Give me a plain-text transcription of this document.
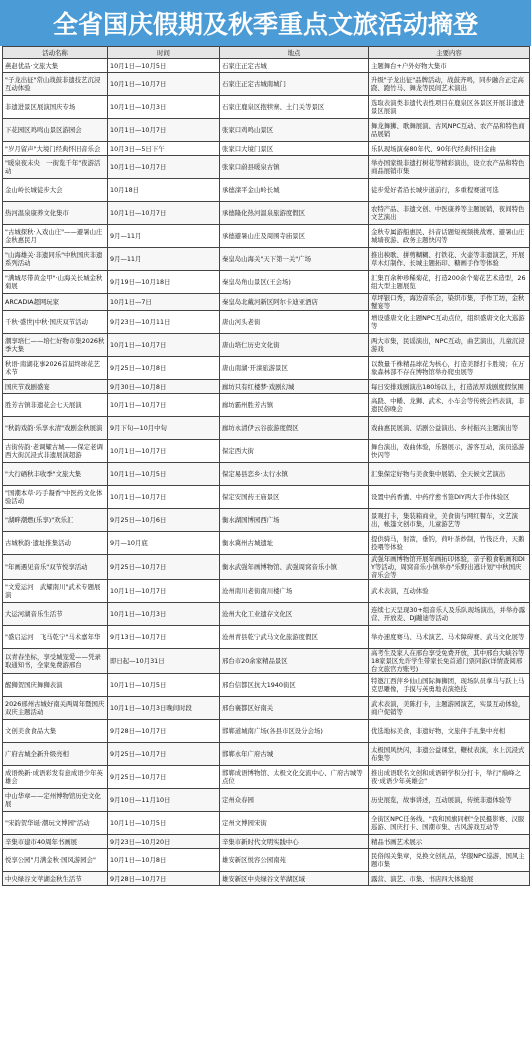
全省国庆假期及秋季重点文旅活动摘登
活动名称	时间	地点	主要内容
燕赵优品·文旅大集	10月1日—10月5日	石家庄正定古城	主题舞台+户外好物大集市
"子龙出征"常山战鼓非遗技艺沉浸互动体验	10月1日—10月7日	石家庄正定古城南城门	升级"子龙出征"品牌活动，战鼓齐鸣，同步融合正定高跷、跑竹马、舞龙等民间艺术演出
非遗进景区展演国庆专场	10月1日—10月3日	石家庄鹿泉区抱犊寨、土门关等景区	选取表演类非遗代表性项目在鹿泉区各景区开展非遗进景区展演
下花园区鸡鸣山景区游园会	10月1日—10月7日	张家口鸡鸣山景区	舞龙舞狮、歌舞展演、古风NPC互动、农产品和特色商品展销
"岁月留声"大境门经典怀旧音乐会	10月3日—5日下午	张家口大境门景区	乐队现场演奏80年代、90年代经典怀旧金曲
"暖泉夜未央　一街览千年"夜游活动	10月1日—10月7日	张家口蔚县暖泉古镇	举办国家级非遗打树花等精彩演出，设立农产品和特色商品展销市集
金山岭长城徒步大会	10月18日	承德滦平金山岭长城	徒步爱好者沿长城步道前行，多重程赛道可选
热河温泉康养文化集市	10月1日—10月7日	承德隆化热河温泉旅游度假区	农特产品、非遗文创、中医康养等主题展销，夜间特色文艺演出
"古城探秋·入戏山庄"——避暑山庄金秋惠民月	9月—11月	承德避暑山庄及周围寺庙景区	金秋专属游船惠民、抖音话题短视频挑战赛、避暑山庄城墙夜游、政务主题快闪等
"山海雄关·非遗同乐"中秋国庆非遗系列活动	9月—11月	秦皇岛山海关"天下第一关"广场	推出秧歌、拼剪糊糊、打铁花、火壶等非遗演艺，开展草木灯制作、长城主题拓印、糖画手作等体验
"满城尽带黄金甲"·山海关长城金秋菊展	9月19日—10月18日	秦皇岛角山景区(王会场)	汇集百余种珍稀菊花，打造200余个菊花艺术造型，26组大型主题展览
ARCADIA超网玩家	10月1日—7日	秦皇岛北戴河新区阿尔卡迪亚酒店	草坪银口秀，海边音乐会，染织市集，手作工坊，金秋蟹宴等
千秋·盛世|中秋·国庆双节活动	9月23日—10月11日	唐山河头老街	增设盛唐文化主题NPC互动点位，组织盛唐文化大巡游等
潮享培仁——培仁好物市集2026秋季大集	10月1日—10月7日	唐山培仁历史文化街	两大市集，民谣演出，NPC互动，曲艺演出，儿童沉浸游戏
秋语·南湖花事2026首届终球花艺术节	9月25日—10月8日	唐山南湖·开滦旅游景区	以数量千株精品球花为核心，打造美群打卡胜境；在万象森林部不存在博物馆举办爬虫展等
国庆节戏剧盛宴	9月30日—10月8日	廊坊只有红楼梦·戏剧幻城	每日安排戏剧演出180场以上，打造浓厚戏剧度假氛围
胜芳古镇非遗花会七天展演	10月1日—10月7日	廊坊霸州胜芳古镇	高跷、中幡、龙狮、武术、小车会等传统会档表演，非遗民俗晚会
"秋韵戏韵·乐享永清"戏剧金秋展演	9月下旬—10月中旬	廊坊永清伊云谷旅游度假区	戏曲惠民展演、话剧公益演出、乡村振兴主题演出等
古街传韵·老调耀古城——保定老调西大街沉浸式非遗展演超游	10月1日—10月7日	保定西大街	舞台演出，戏曲体验，乐器展示，游客互动，演员巡游快闪等
"大行硒秋丰收季"文旅大集	10月1日—10月5日	保定易县恋乡·太行水镇	汇集保定好物与美食集中展销、全天候文艺演出
"国潮本草·巧手凝香"中医药文化体验活动	10月1日—10月7日	保定安国药王庙景区	设置中药香囊、中药疗愈书签DIY两大手作体验区
"湖畔潮燃(乐享)"欢乐汇	9月25日—10月6日	衡水湖国博园西广场	景观打卡，集装箱商业，美食街与网红餐车，文艺演出，帐篷文创市集，儿童游艺等
古城秋韵·遗址推集活动	9月—10月底	衡水冀州古城遗址	提供骑马，射箭，垂钓，荷叶茶炒制，竹筏泛舟，天鹅投喂等体验
"年画遇见音乐"双节悦享活动	9月25日—10月7日	衡水武强年画博物馆、武强周窝音乐小镇	武强年画博物馆开展年画拓印体验，亲子粮食粘画和DIY等活动，周窝音乐小镇举办"乐野出逃计划"中秋国庆音乐会等
"文爱运河　武耀南川"武术专题展演	10月1日—10月7日	沧州南川老街南川楼广场	武术表演，互动体验
大运河湖音乐生活节	10月1日—10月3日	沧州大化工业遗存文化区	连续七天呈现30+组音乐人及乐队现场演出，并举办露营、开放麦、DJ蹦迪等活动
"盛启运河　飞马乾宁"马术嘉年华	9月13日—10月7日	沧州青县乾宁武马文化旅游度假区	举办速度赛马、马术演艺、马术障碍赛、武马文化展等
以青春坐标，享受城宠爱——凭录取通知书，全家免费游邢台	即日起—10月31日	邢台市20余家精品景区	高考生及家人在邢台享受免费开放，其中邢台大峡谷等18家景区允许学生带家长免首道门票同游(详情查阅邢台文旅官方账号)
醒狮贺国庆舞狮表演	10月1日—10月5日	邢台信都区抗大1940街区	特邀江西萍乡仙山国际舞狮团，现场队员拿马与跃上马克思雕像，手摸与英勇地表演绝技
2026邢州古城好南关两周年暨国庆双庆主题活动	10月1日—10月3日晚间时段	邢台襄都区好南关	武术表演，美陈打卡，主题游园演艺，实景互动体验，商户促销等
文创美食食品大集	9月28日—10月7日	邯郸道城南广场(各县市区设分会场)	优选地标美食，非遗好物，文旅伴手礼集中亮相
广府古城全新升级亮相	9月25日—10月7日	邯郸永年广府古城	太极国风快闪，非遗公益课堂，鞭杖表演，水上沉浸式布集等
成语焕新·成语彩发有意成语少年英雄会	9月25日—10月7日	邯郸成语博物馆、太极文化交流中心、广府古城等点位	推出成语联名文创和成语研学积分打卡，举行"巅峰之夜·成语少年英雄会"
中山华章——定州博物馆历史文化展	9月10日—11月10日	定州众春园	历史展览，故事讲述，互动展演，传统非遗体验等
"宋韵贺华诞·潮玩文博园"活动	10月1日—10月5日	定州文博园宋街	全街区NPC任务线、"我和国旗同框"全民摄影赛、汉服巡游、国庆打卡、国潮市集、古风游戏互动等
辛集市建市40周年书画展	9月23日—10月20日	辛集市新时代文明实践中心	精品书画艺术展示
悦享公园"月满金秋·国风游园会"	10月1日—10月8日	雄安新区悦容公园南苑	民俗闯关集章，兑换文创礼品，华服NPC巡游，国风主题市集
中央绿谷文苹湖金秋生活节	9月28日—10月7日	雄安新区中央绿谷文苹湖区域	露营、演艺、市集、书店四大体验展
